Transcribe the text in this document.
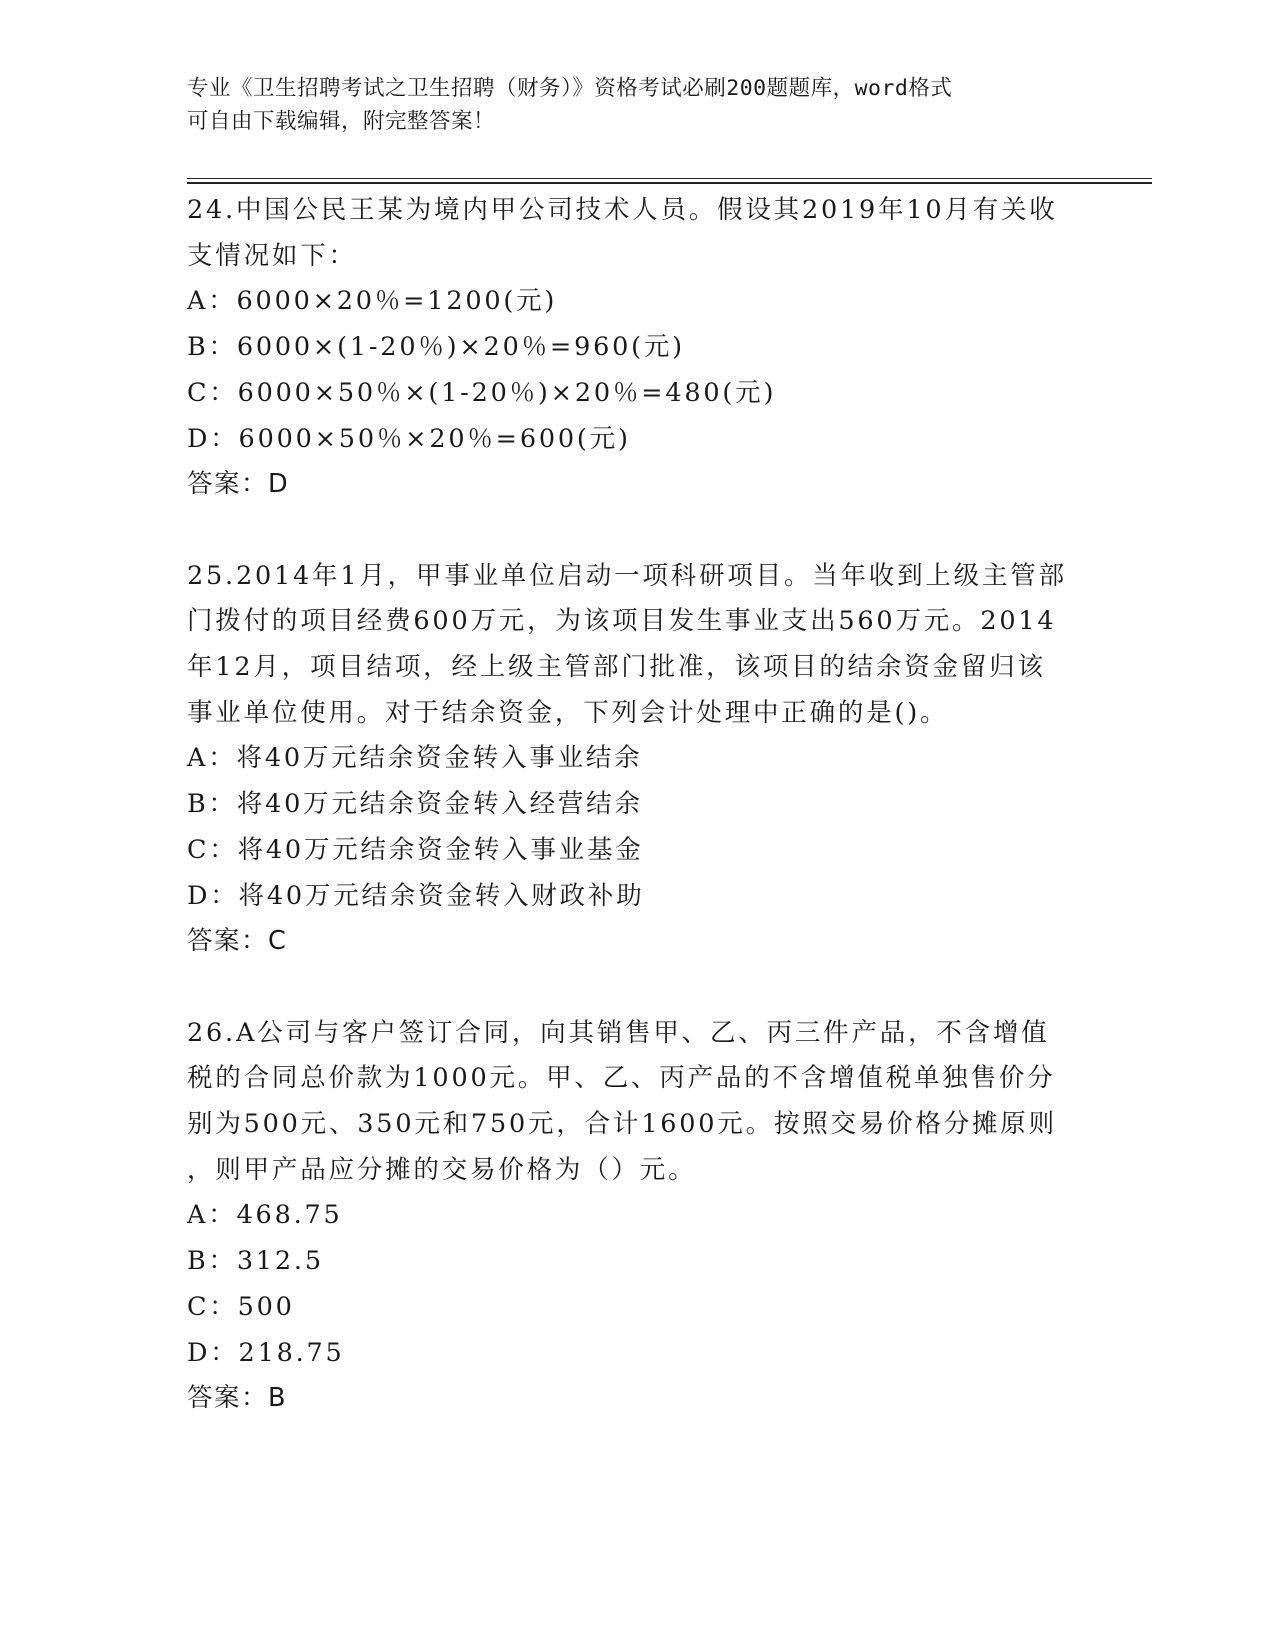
专业《卫生招聘考试之卫生招聘（财务）》资格考试必刷200题题库，word格式
可自由下载编辑，附完整答案！
24.中国公民王某为境内甲公司技术人员。假设其2019年10月有关收
支情况如下：
A：6000×20％=1200(元)
B：6000×(1-20％)×20％=960(元)
C：6000×50％×(1-20％)×20％=480(元)
D：6000×50％×20％=600(元)
答案：D
25.2014年1月，甲事业单位启动一项科研项目。当年收到上级主管部
门拨付的项目经费600万元，为该项目发生事业支出560万元。2014
年12月，项目结项，经上级主管部门批准，该项目的结余资金留归该
事业单位使用。对于结余资金，下列会计处理中正确的是()。
A：将40万元结余资金转入事业结余
B：将40万元结余资金转入经营结余
C：将40万元结余资金转入事业基金
D：将40万元结余资金转入财政补助
答案：C
26.A公司与客户签订合同，向其销售甲、乙、丙三件产品，不含增值
税的合同总价款为1000元。甲、乙、丙产品的不含增值税单独售价分
别为500元、350元和750元，合计1600元。按照交易价格分摊原则
，则甲产品应分摊的交易价格为（）元。
A：468.75
B：312.5
C：500
D：218.75
答案：B
